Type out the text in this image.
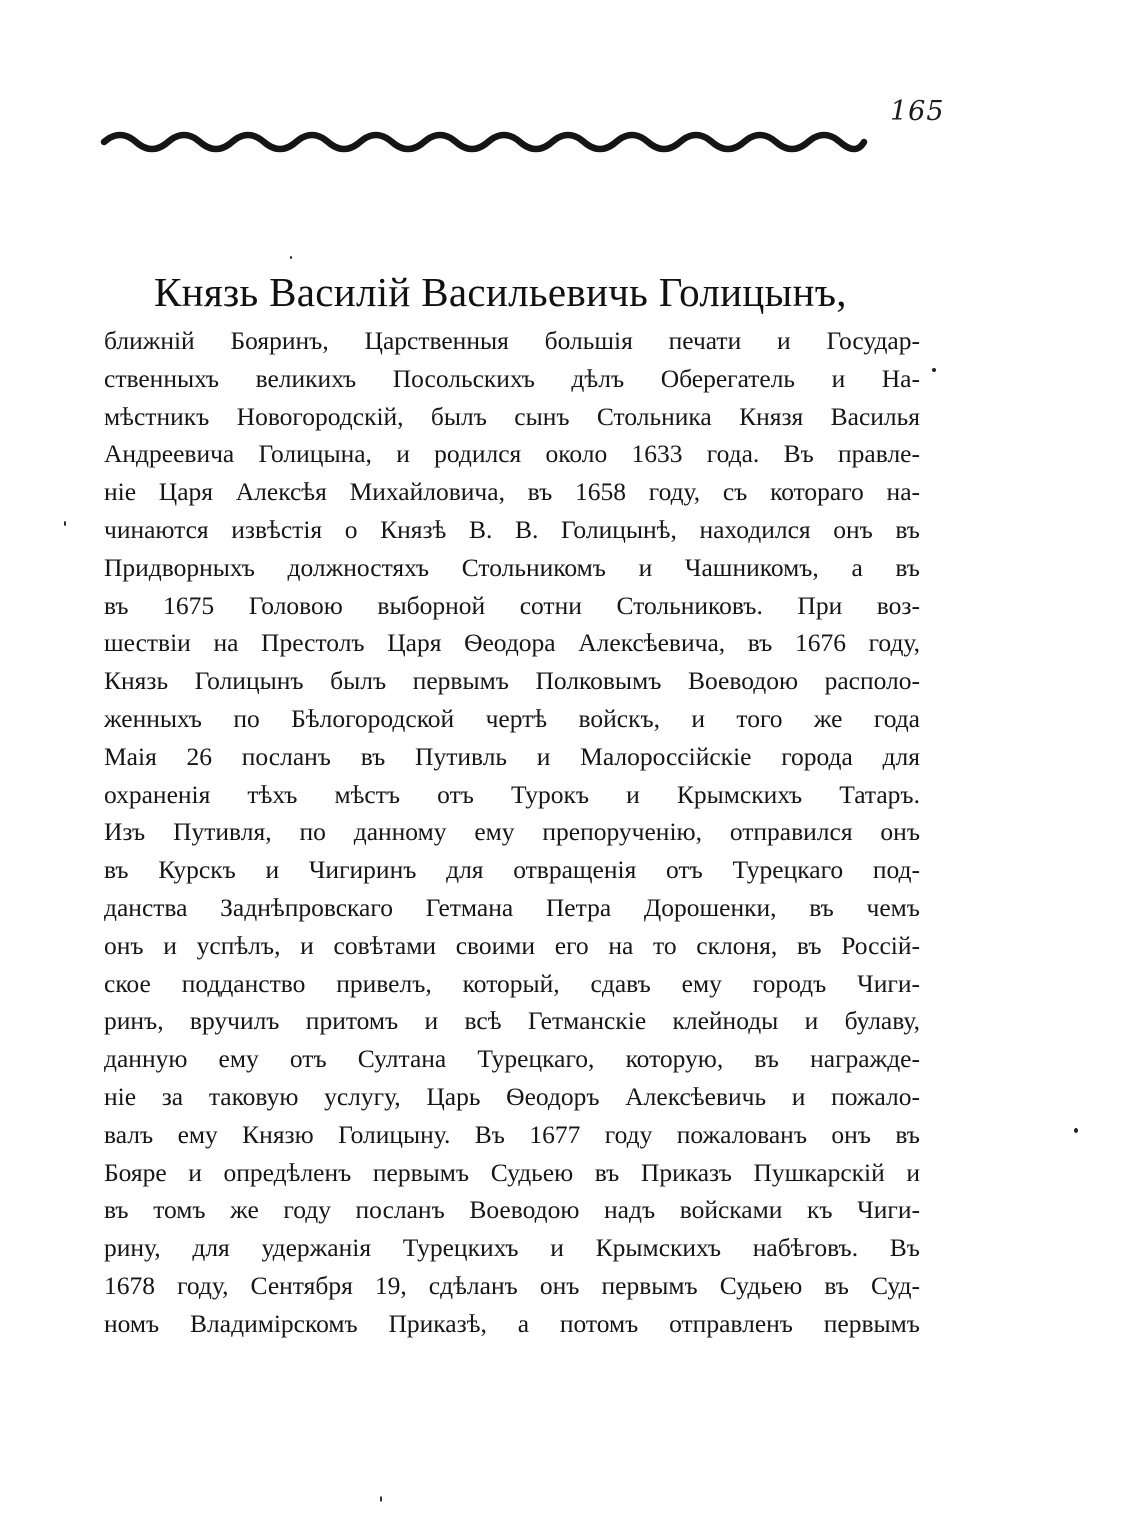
165
Князь Василій Васильевичь Голицынъ,
ближній Бояринъ, Царственныя большія печати и Государ-
ственныхъ великихъ Посольскихъ дѣлъ Оберегатель и На-
мѣстникъ Новогородскій, былъ сынъ Стольника Князя Василья
Андреевича Голицына, и родился около 1633 года. Въ правле-
ніе Царя Алексѣя Михайловича, въ 1658 году, съ котораго на-
чинаются извѣстія о Князѣ В. В. Голицынѣ, находился онъ въ
Придворныхъ должностяхъ Стольникомъ и Чашникомъ, а въ
въ 1675 Головою выборной сотни Стольниковъ. При воз-
шествіи на Престолъ Царя Ѳеодора Алексѣевича, въ 1676 году,
Князь Голицынъ былъ первымъ Полковымъ Воеводою располо-
женныхъ по Бѣлогородской чертѣ войскъ, и того же года
Маія 26 посланъ въ Путивль и Малороссійскіе города для
охраненія тѣхъ мѣстъ отъ Турокъ и Крымскихъ Татаръ.
Изъ Путивля, по данному ему препорученію, отправился онъ
въ Курскъ и Чигиринъ для отвращенія отъ Турецкаго под-
данства Заднѣпровскаго Гетмана Петра Дорошенки, въ чемъ
онъ и успѣлъ, и совѣтами своими его на то склоня, въ Россій-
ское подданство привелъ, который, сдавъ ему городъ Чиги-
ринъ, вручилъ притомъ и всѣ Гетманскіе клейноды и булаву,
данную ему отъ Султана Турецкаго, которую, въ награжде-
ніе за таковую услугу, Царь Ѳеодоръ Алексѣевичь и пожало-
валъ ему Князю Голицыну. Въ 1677 году пожалованъ онъ въ
Бояре и опредѣленъ первымъ Судьею въ Приказъ Пушкарскій и
въ томъ же году посланъ Воеводою надъ войсками къ Чиги-
рину, для удержанія Турецкихъ и Крымскихъ набѣговъ. Въ
1678 году, Сентября 19, сдѣланъ онъ первымъ Судьею въ Суд-
номъ Владимірскомъ Приказѣ, а потомъ отправленъ первымъ
